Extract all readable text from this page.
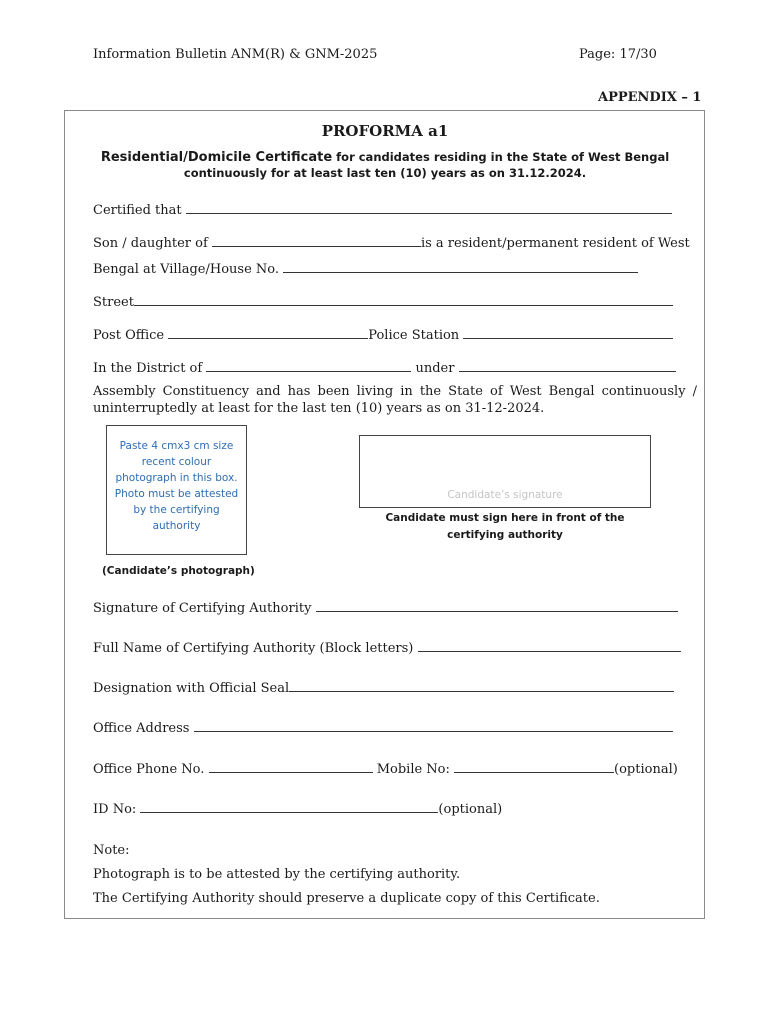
Information Bulletin ANM(R) & GNM-2025	Page: 17/30
APPENDIX – 1
PROFORMA a1
Residential/Domicile Certificate for candidates residing in the State of West Bengal
continuously for at least last ten (10) years as on 31.12.2024.
Certified that
Son / daughter of	is a resident/permanent resident of West
Bengal at Village/House No.
Street
Post Office	Police Station
In the District of	under
Assembly Constituency and has been living in the State of West Bengal continuously / uninterruptedly at least for the last ten (10) years as on 31-12-2024.
Paste 4 cmx3 cm size recent colour photograph in this box. Photo must be attested by the certifying authority
(Candidate’s photograph)
Candidate’s signature
Candidate must sign here in front of the
certifying authority
Signature of Certifying Authority
Full Name of Certifying Authority (Block letters)
Designation with Official Seal
Office Address
Office Phone No.	Mobile No:	(optional)
ID No:	(optional)
Note:
Photograph is to be attested by the certifying authority.
The Certifying Authority should preserve a duplicate copy of this Certificate.
